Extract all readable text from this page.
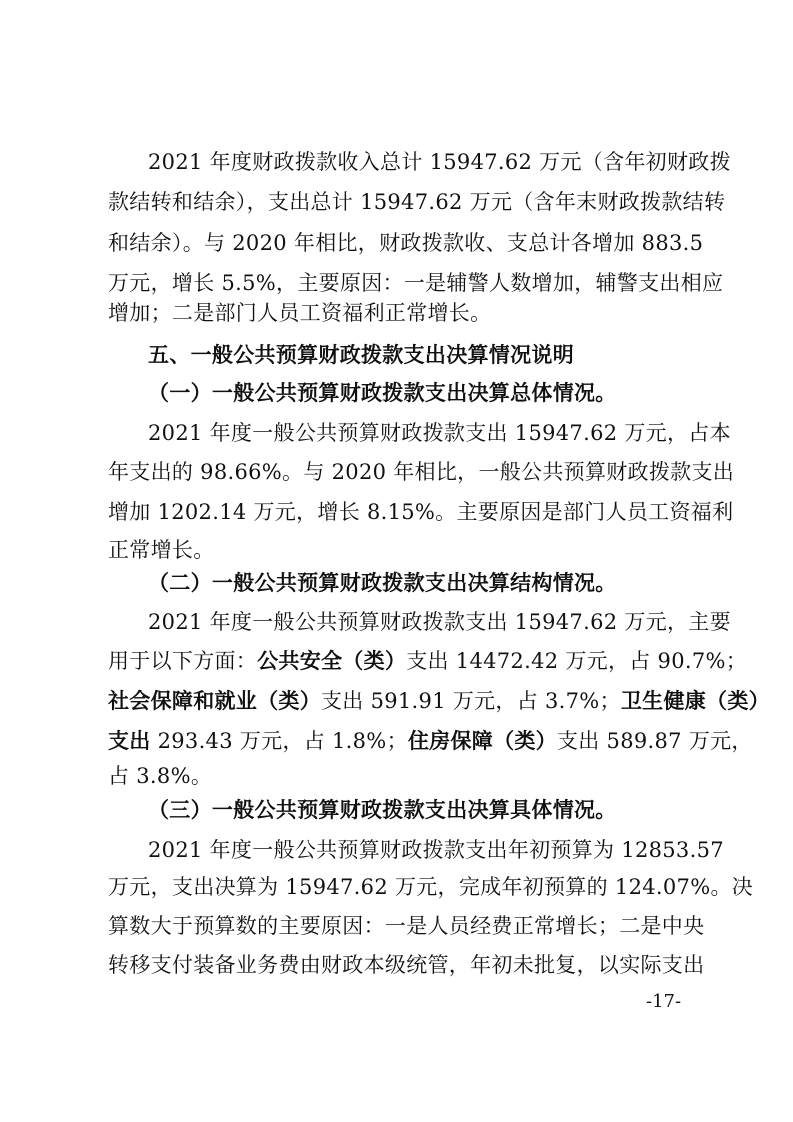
2021 年度财政拨款收入总计 15947.62 万元（含年初财政拨
款结转和结余），支出总计 15947.62 万元（含年末财政拨款结转
和结余）。与 2020 年相比，财政拨款收、支总计各增加 883.5
万元，增长 5.5%，主要原因：一是辅警人数增加，辅警支出相应
增加；二是部门人员工资福利正常增长。
五、一般公共预算财政拨款支出决算情况说明
（一）一般公共预算财政拨款支出决算总体情况。
2021 年度一般公共预算财政拨款支出 15947.62 万元，占本
年支出的 98.66%。与 2020 年相比，一般公共预算财政拨款支出
增加 1202.14 万元，增长 8.15%。主要原因是部门人员工资福利
正常增长。
（二）一般公共预算财政拨款支出决算结构情况。
2021 年度一般公共预算财政拨款支出 15947.62 万元，主要
用于以下方面：公共安全（类）支出 14472.42 万元，占 90.7%；
社会保障和就业（类）支出 591.91 万元，占 3.7%；卫生健康（类）
支出 293.43 万元，占 1.8%；住房保障（类）支出 589.87 万元，
占 3.8%。
（三）一般公共预算财政拨款支出决算具体情况。
2021 年度一般公共预算财政拨款支出年初预算为 12853.57
万元，支出决算为 15947.62 万元，完成年初预算的 124.07%。决
算数大于预算数的主要原因：一是人员经费正常增长；二是中央
转移支付装备业务费由财政本级统管，年初未批复，以实际支出
-17-
